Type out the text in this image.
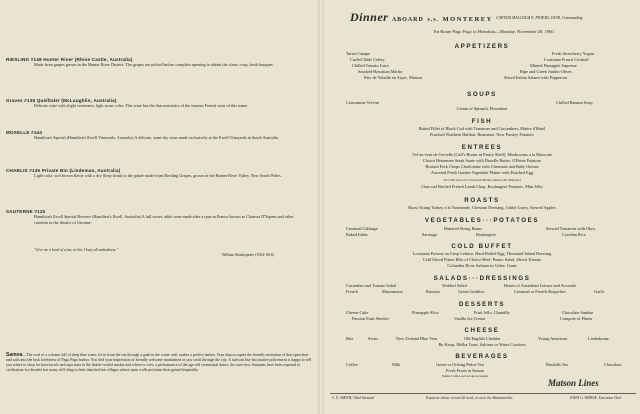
RIESLING #148 Hunter River (Rhine Castle, Australia)
Made from grapes grown in the Hunter River District. The grapes are picked before complete ripening to obtain the clean, crisp, fresh bouquet.
Graves #138 Quelltaler (McLaughlin, Australia)
Delicate wine with slight sweetness, light straw color. This wine has the characteristics of the famous French wine of this name.
MOSELLE #144
Hamilton's Special (Hamilton's Ewell Vineyards, Australia) A delicate, semi-dry wine made exclusively at the Ewell Vineyards in South Australia.
CHABLIS #136 Private Bin (Lindeman, Australia)
Light color, soft brown flavor with a dry flinty finish to the palate made from Riesling Grapes, grown in the Hunter River Valley, New South Wales.
SAUTERNE #120
Hamilton's Ewell Special Reserve (Hamilton's Ewell, Australia) A full sweet, table wine made after a type in France known as Chateau D'Yquem and other varieties in the district of Gironne.
"Give me a bowl of wine, in this I bury all unkindness."
William Shakespeare (1564-1616)
Samoa—The oval of a volcano full of deep blue water, let in from the sea through a gash in the crater wall, makes a perfect harbor. Your ship occupies the friendly invitation of that open door and sails into the lush loveliness of Pago Pago harbor. You find your impression of friendly welcome maintained as you stroll through the city. A stalwart fita-fita (native policemen) is happy to tell you where to shop for kava bowls and tapa mats in the thatch-roofed market and where to view a performance of the age-old ceremonial dance, the siva-siva. Samoans have been exposed to civilization for decades but many still cling to their thatched hut villages whose open walls proclaim their genial hospitality.
Dinner ABOARD s.s. MONTEREY CAPTAIN MALCOLM E. PETERS, USNR, Commanding
En Route Pago Pago to Honolulu—Monday, November 28, 1960
APPETIZERS
Tartar Canape
Curled Table Celery
Chilled Tomato Juice
Smoked Hawaiian Marlin
Pate de Volaille en Aspic, Maison
Fresh Strawberry Yogurt
Louisiana Prawn Cocktail
Minted Pineapple Supreme
Ripe and Green Jumbo Olives
Sliced Italian Salami with Pepperoni
SOUPS
Consomme Trevise
Cream of Spinach, Florentine
Chilled Banana Soup
FISH
Baked Fillet of Black Cod with Tomatoes and Cucumbers, Maitre d'Hotel
Poached Northern Halibut, Bearnaise, New Parsley Potatoes
ENTREES
Vol-au-vent de Cervelle (Calf's Brains in Pastry Shell), Mushrooms a la Mascotte
Choice Heinemen Steak Saute with Duxelle Butter, O'Brien Potatoes
Braised Pork Chops Charlotaine with Chestnuts and Baby Onions
Assorted Fresh Garden Vegetable Platter with Poached Egg
To Order from our Charcoal Broiler (Allow Ten Minutes)
Charcoal Broiled French Lamb Chop, Boulangere Potatoes, Mint Jelly
ROASTS
Roast Young Turkey a la Normande, Chestnut Dressing, Giblet Gravy, Stewed Apples
VEGETABLES···POTATOES
Creamed Cabbage	Buttered String Beans	Stewed Tomatoes with Okra
Baked Idaho	Saratoga	Boulangere	Carolina Rice
COLD BUFFET
Louisiana Prawns on Crisp Lettuce, Hard Boiled Egg, Thousand Island Dressing
Cold Sliced Prime Ribs of Choice Beef, Potato Salad, Sliced Tomato
Columbia River Salmon in Gelee, Garni
SALADS···DRESSINGS
Cucumber and Tomato Salad	Waldorf Salad	Hearts of Australian Lettuce and Avocado
French	Mayonnaise	Russian	Green Goddess	Creamed or French Roquefort	Garlic
DESSERTS
Cheese Cake	Pineapple Slice	Fruit Jello, Chantilly	Chocolate Sundae
Passion Fruit Sherbet	Vanilla Ice Cream	Compote of Plums
CHEESE
Brie	Swiss	New Zealand Blue Vein	Old English Cheddar	Young American	Liederkranz
Ry-Krisp, Melba Toast, Saltines or Water Crackers
BEVERAGES
Coffee	Milk	Green or Oolong Pekoe Tea	Bushells Tea	Chocolate
Fresh Fruits in Season
Sanka Coffee served upon request
Matson Lines
C. E. SMITH, Chief Steward	Extensive choice served all week, or on to the Hawaiian bar.	JOHN G. MORSE, Executive Chef
